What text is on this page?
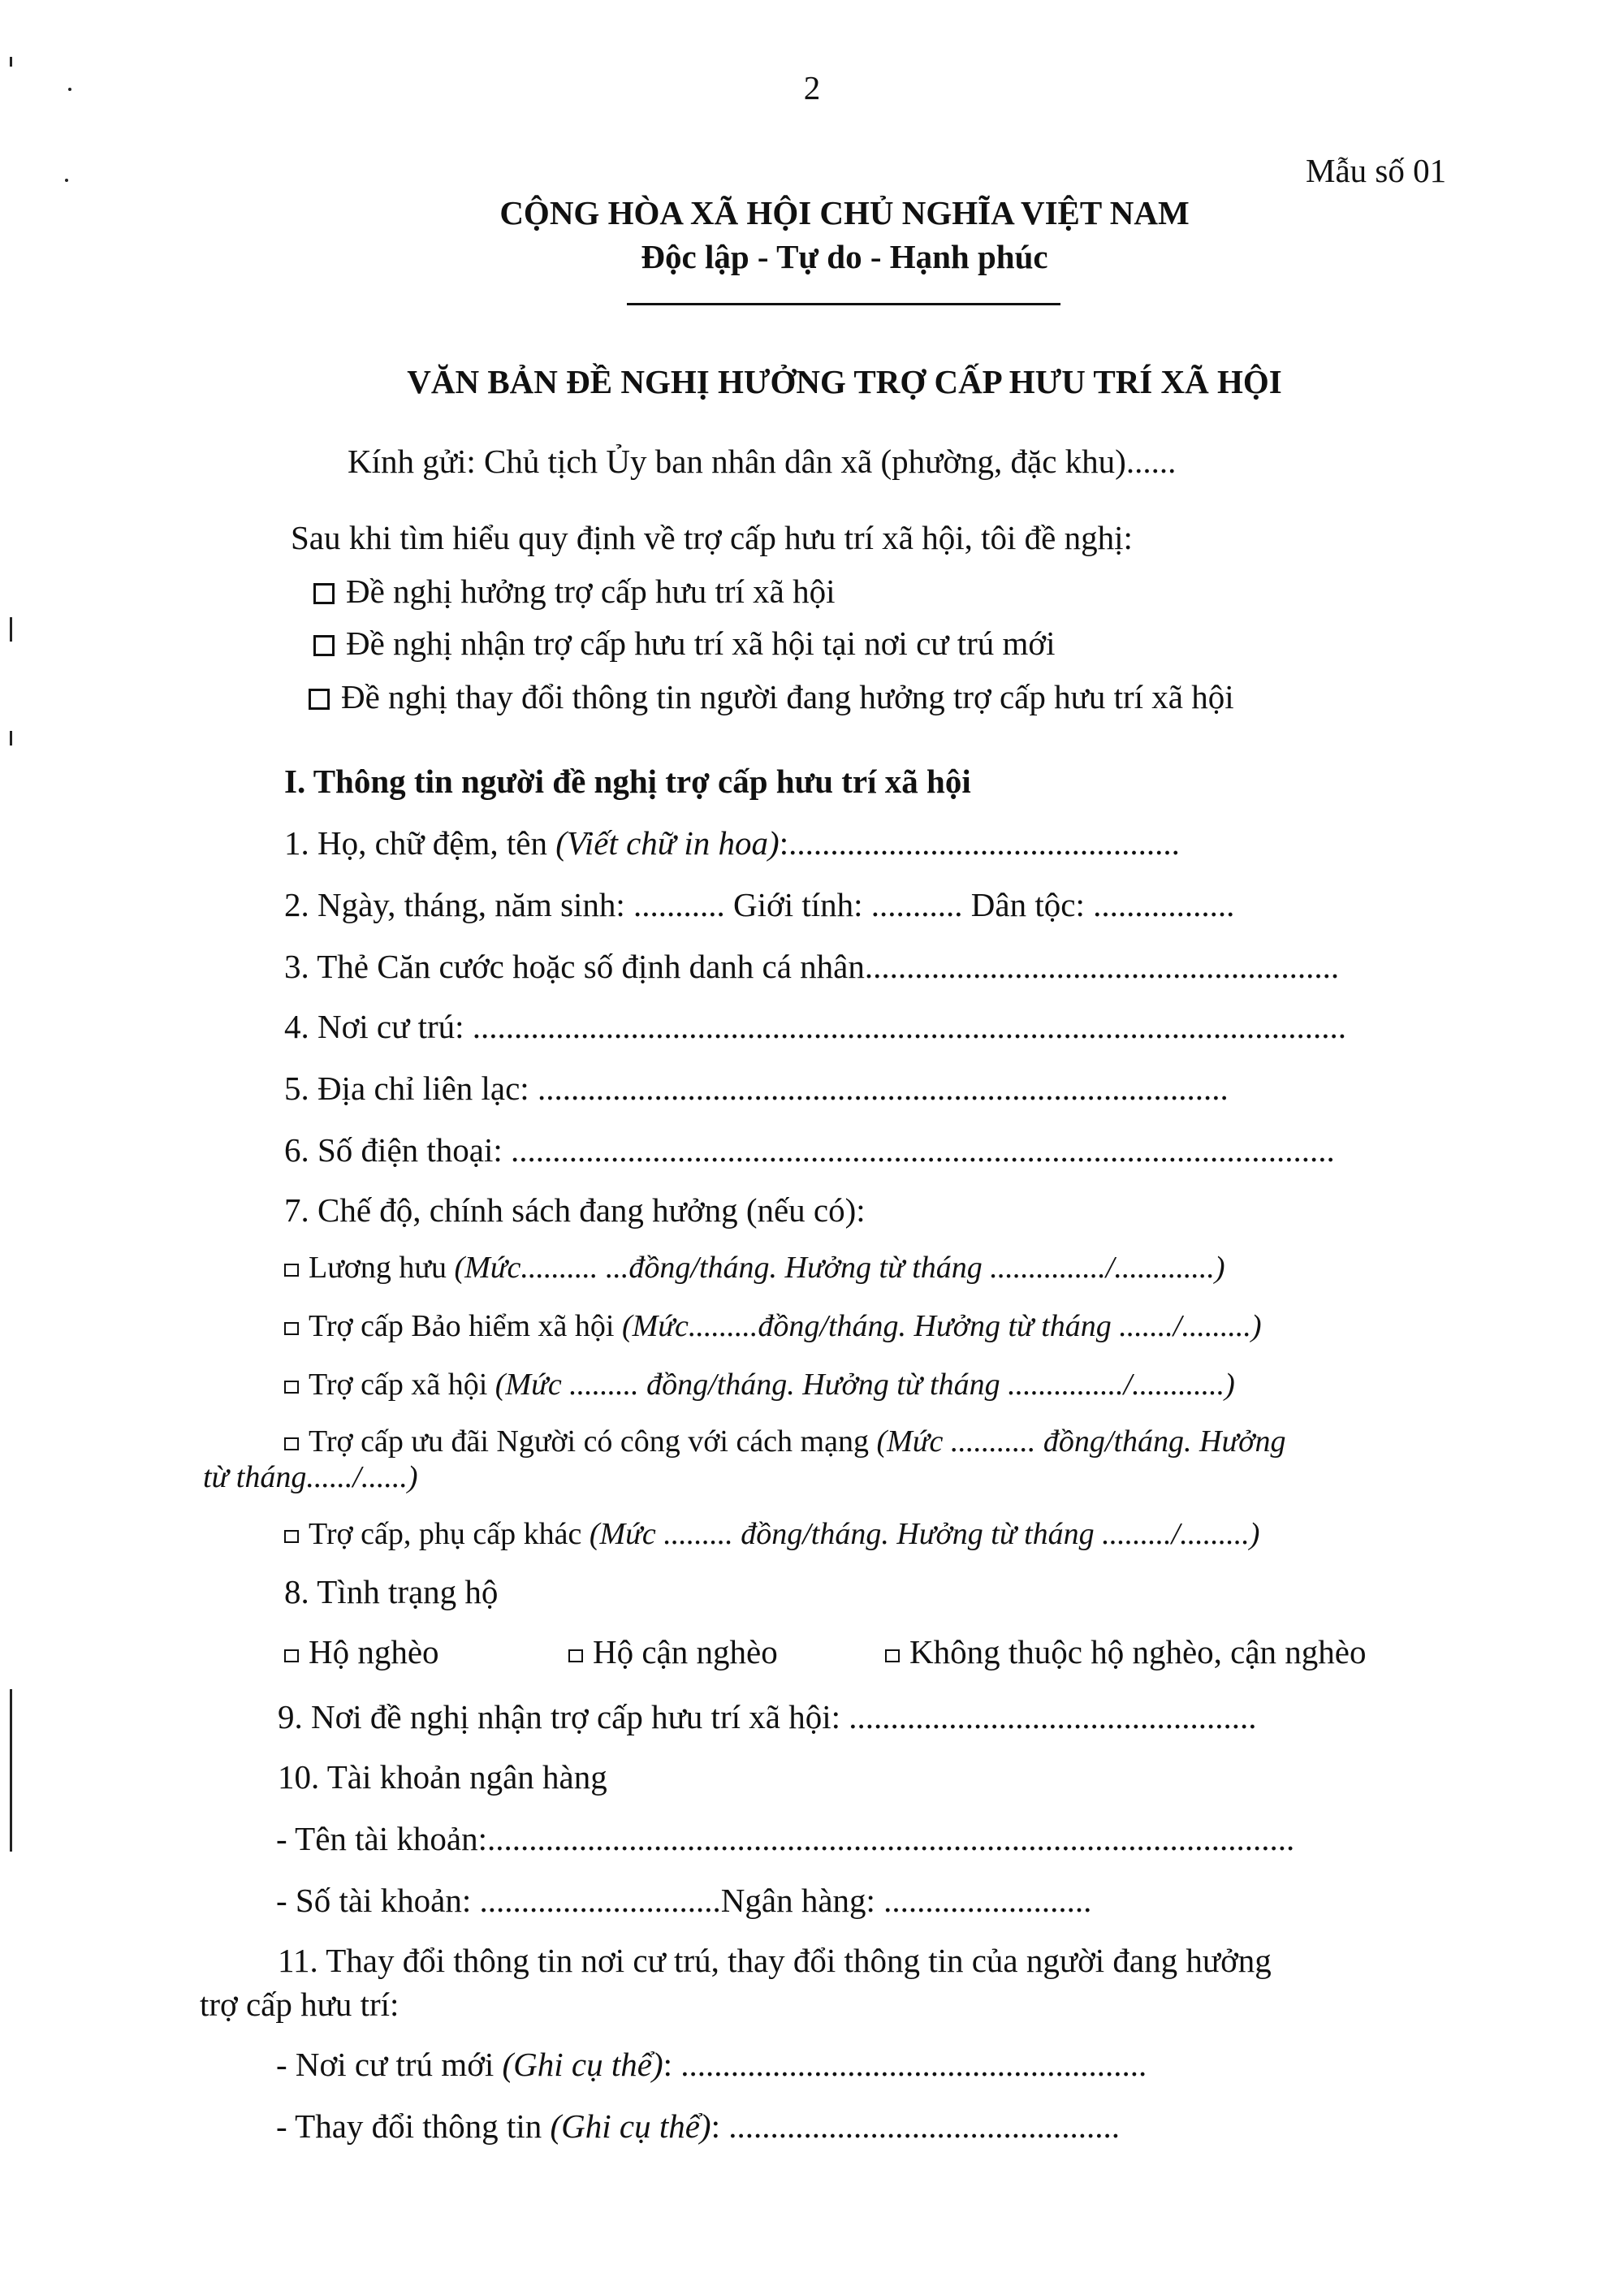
2
Mẫu số 01
CỘNG HÒA XÃ HỘI CHỦ NGHĨA VIỆT NAM
Độc lập - Tự do - Hạnh phúc
VĂN BẢN ĐỀ NGHỊ HƯỞNG TRỢ CẤP HƯU TRÍ XÃ HỘI
Kính gửi: Chủ tịch Ủy ban nhân dân xã (phường, đặc khu)......
Sau khi tìm hiểu quy định về trợ cấp hưu trí xã hội, tôi đề nghị:
Đề nghị hưởng trợ cấp hưu trí xã hội
Đề nghị nhận trợ cấp hưu trí xã hội tại nơi cư trú mới
Đề nghị thay đổi thông tin người đang hưởng trợ cấp hưu trí xã hội
I. Thông tin người đề nghị trợ cấp hưu trí xã hội
1. Họ, chữ đệm, tên (Viết chữ in hoa):...............................................
2. Ngày, tháng, năm sinh: ........... Giới tính: ........... Dân tộc: .................
3. Thẻ Căn cước hoặc số định danh cá nhân.........................................................
4. Nơi cư trú: .........................................................................................................
5. Địa chỉ liên lạc: ...................................................................................
6. Số điện thoại: ...................................................................................................
7. Chế độ, chính sách đang hưởng (nếu có):
Lương hưu (Mức.......... ...đồng/tháng. Hưởng từ tháng .............../.............)
Trợ cấp Bảo hiểm xã hội (Mức.........đồng/tháng. Hưởng từ tháng ......./.........)
Trợ cấp xã hội (Mức ......... đồng/tháng. Hưởng từ tháng .............../............)
Trợ cấp ưu đãi Người có công với cách mạng (Mức ........... đồng/tháng. Hưởng
từ tháng....../......)
Trợ cấp, phụ cấp khác (Mức ......... đồng/tháng. Hưởng từ tháng ........./.........)
8. Tình trạng hộ
Hộ nghèo	Hộ cận nghèo	Không thuộc hộ nghèo, cận nghèo
9. Nơi đề nghị nhận trợ cấp hưu trí xã hội: .................................................
10. Tài khoản ngân hàng
- Tên tài khoản:.................................................................................................
- Số tài khoản: .............................Ngân hàng: .........................
11. Thay đổi thông tin nơi cư trú, thay đổi thông tin của người đang hưởng
trợ cấp hưu trí:
- Nơi cư trú mới (Ghi cụ thể): ........................................................
- Thay đổi thông tin (Ghi cụ thể): ...............................................
